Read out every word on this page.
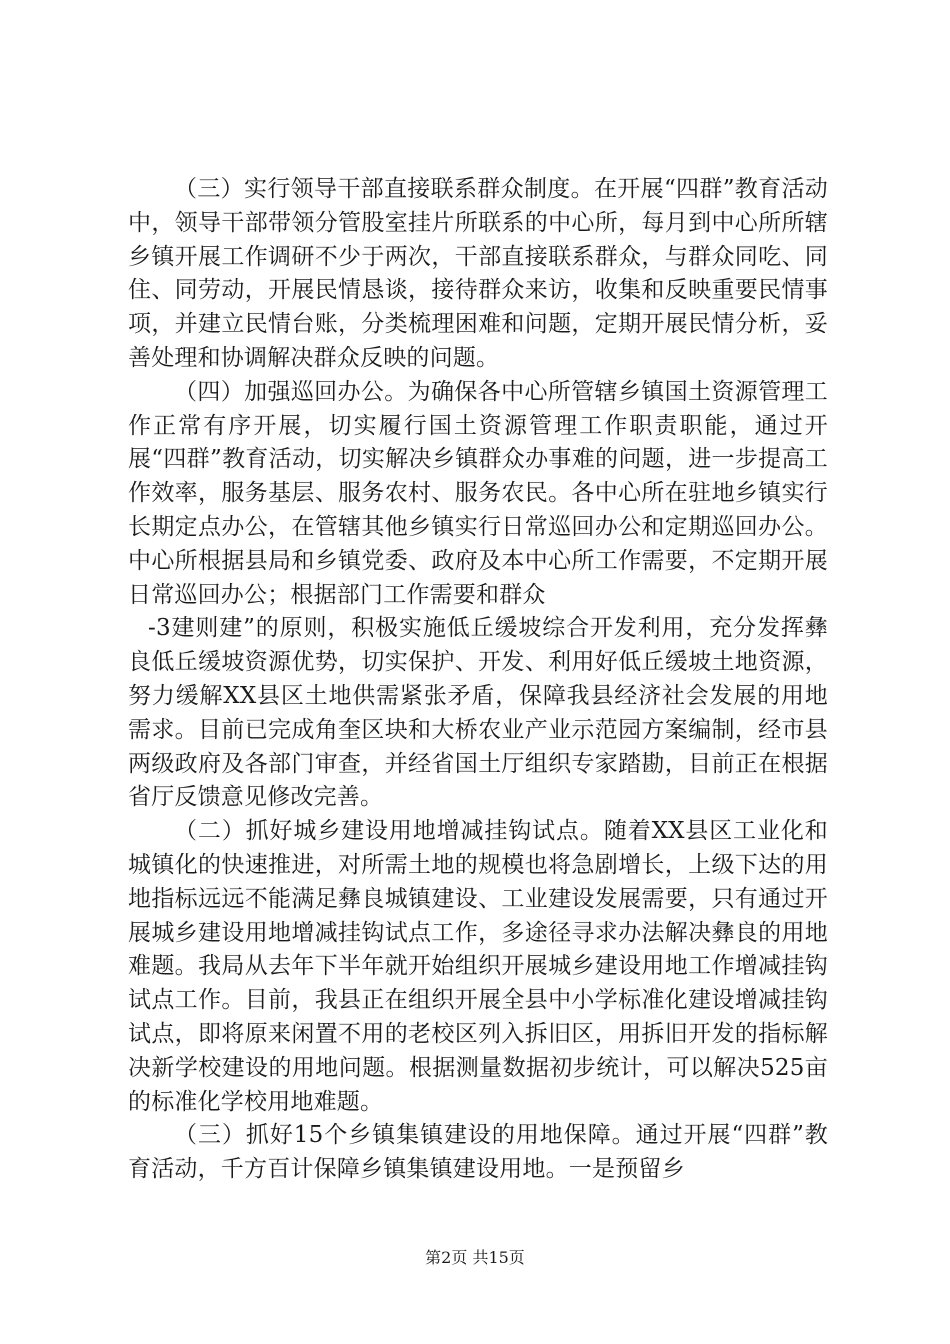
（三）实行领导干部直接联系群众制度。在开展“四群”教育活动中，领导干部带领分管股室挂片所联系的中心所，每月到中心所所辖乡镇开展工作调研不少于两次，干部直接联系群众，与群众同吃、同住、同劳动，开展民情恳谈，接待群众来访，收集和反映重要民情事项，并建立民情台账，分类梳理困难和问题，定期开展民情分析，妥善处理和协调解决群众反映的问题。

（四）加强巡回办公。为确保各中心所管辖乡镇国土资源管理工作正常有序开展，切实履行国土资源管理工作职责职能，通过开展“四群”教育活动，切实解决乡镇群众办事难的问题，进一步提高工作效率，服务基层、服务农村、服务农民。各中心所在驻地乡镇实行长期定点办公，在管辖其他乡镇实行日常巡回办公和定期巡回办公。中心所根据县局和乡镇党委、政府及本中心所工作需要，不定期开展日常巡回办公；根据部门工作需要和群众

-3建则建”的原则，积极实施低丘缓坡综合开发利用，充分发挥彝良低丘缓坡资源优势，切实保护、开发、利用好低丘缓坡土地资源，努力缓解XX县区土地供需紧张矛盾，保障我县经济社会发展的用地需求。目前已完成角奎区块和大桥农业产业示范园方案编制，经市县两级政府及各部门审查，并经省国土厅组织专家踏勘，目前正在根据省厅反馈意见修改完善。

（二）抓好城乡建设用地增减挂钩试点。随着XX县区工业化和城镇化的快速推进，对所需土地的规模也将急剧增长，上级下达的用地指标远远不能满足彝良城镇建设、工业建设发展需要，只有通过开展城乡建设用地增减挂钩试点工作，多途径寻求办法解决彝良的用地难题。我局从去年下半年就开始组织开展城乡建设用地工作增减挂钩试点工作。目前，我县正在组织开展全县中小学标准化建设增减挂钩试点，即将原来闲置不用的老校区列入拆旧区，用拆旧开发的指标解决新学校建设的用地问题。根据测量数据初步统计，可以解决525亩的标准化学校用地难题。

（三）抓好15个乡镇集镇建设的用地保障。通过开展“四群”教育活动，千方百计保障乡镇集镇建设用地。一是预留乡

第2页 共15页
